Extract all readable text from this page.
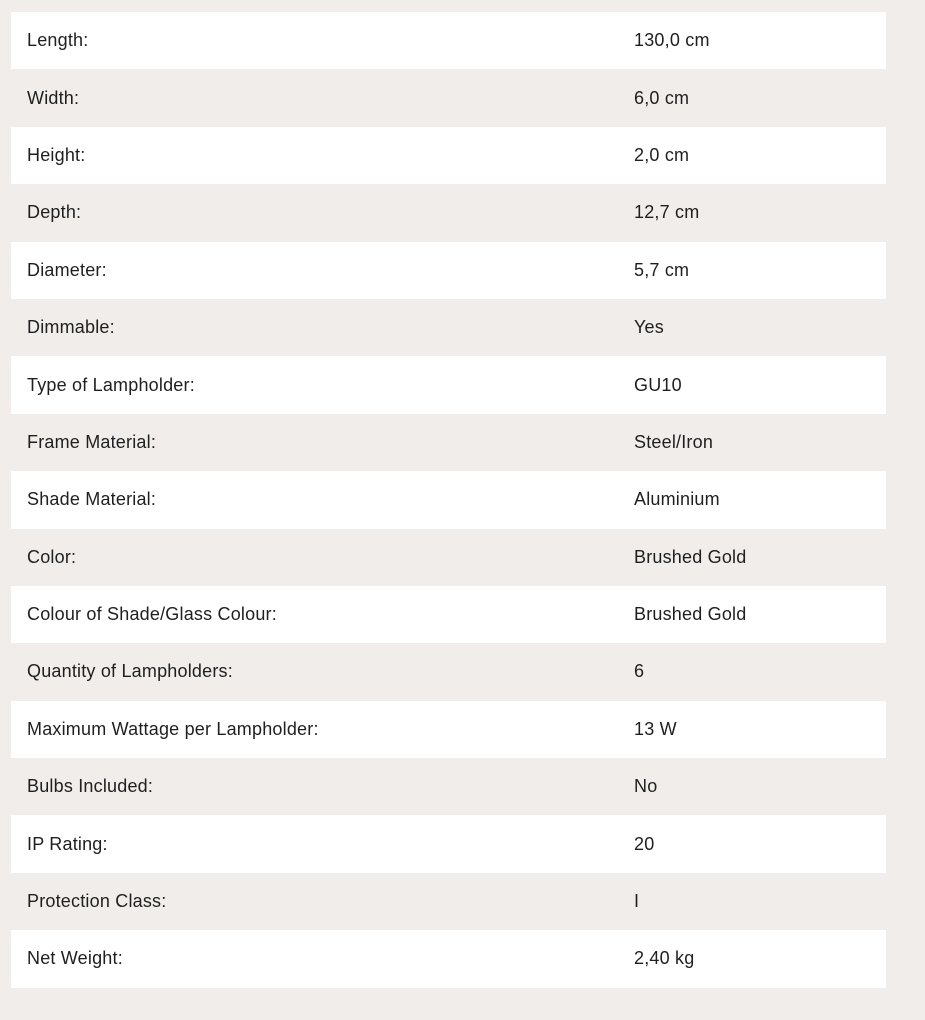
Length:	130,0 cm
Width:	6,0 cm
Height:	2,0 cm
Depth:	12,7 cm
Diameter:	5,7 cm
Dimmable:	Yes
Type of Lampholder:	GU10
Frame Material:	Steel/Iron
Shade Material:	Aluminium
Color:	Brushed Gold
Colour of Shade/Glass Colour:	Brushed Gold
Quantity of Lampholders:	6
Maximum Wattage per Lampholder:	13 W
Bulbs Included:	No
IP Rating:	20
Protection Class:	I
Net Weight:	2,40 kg
